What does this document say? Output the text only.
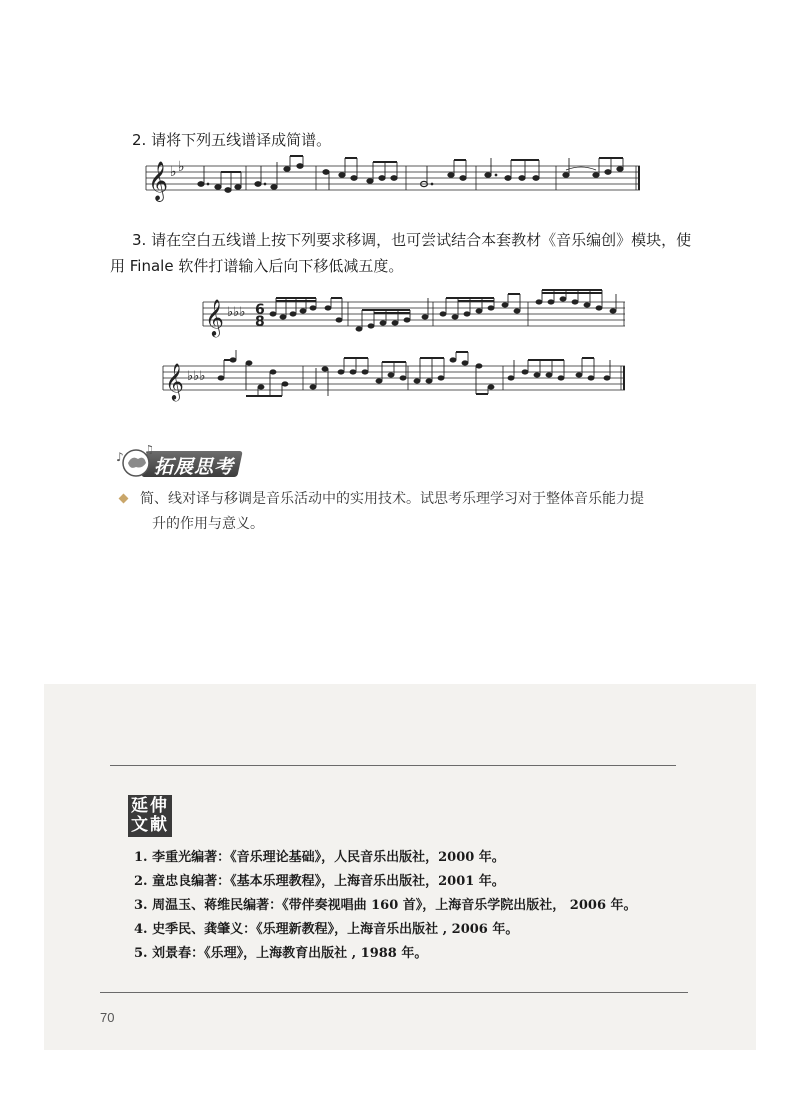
2. 请将下列五线谱译成简谱。
𝄞 ♭ ♭
3. 请在空白五线谱上按下列要求移调，也可尝试结合本套教材《音乐编创》模块，使
用 Finale 软件打谱输入后向下移低减五度。
𝄞 ♭♭♭ 6
8
𝄞 ♭♭♭
♪
♫
拓展思考
简、线对译与移调是音乐活动中的实用技术。试思考乐理学习对于整体音乐能力提
升的作用与意义。
延伸
文献
1. 李重光编著：《音乐理论基础》，人民音乐出版社，2000 年。
2. 童忠良编著：《基本乐理教程》，上海音乐出版社，2001 年。
3. 周温玉、蒋维民编著：《带伴奏视唱曲 160 首》，上海音乐学院出版社， 2006 年。
4. 史季民、龚肇义：《乐理新教程》，上海音乐出版社 , 2006 年。
5. 刘景春：《乐理》，上海教育出版社 , 1988 年。
70
